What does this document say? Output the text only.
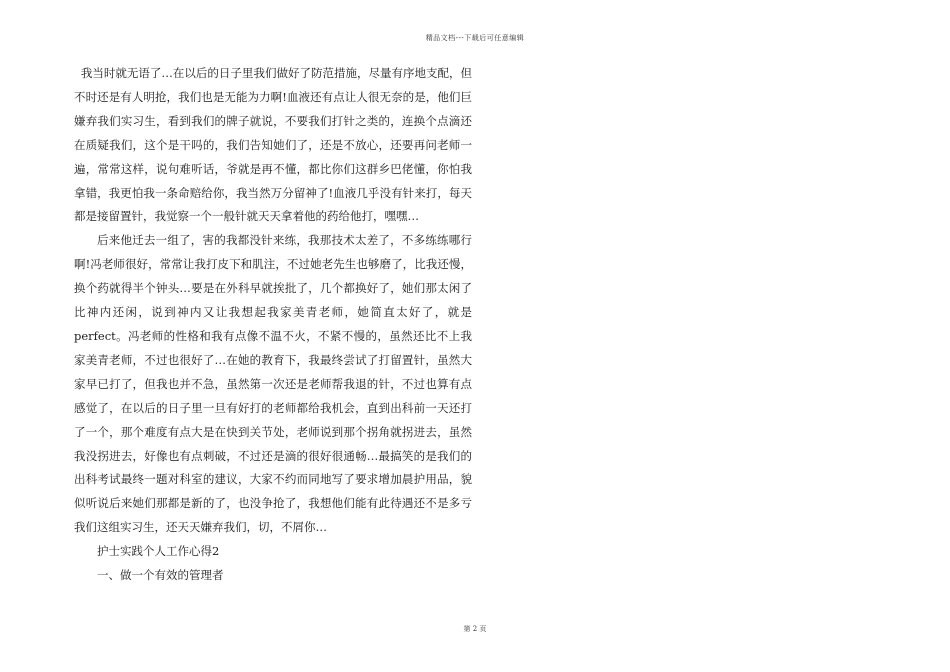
精品文档---下载后可任意编辑

我当时就无语了…在以后的日子里我们做好了防范措施，尽量有序地支配，但不时还是有人明抢，我们也是无能为力啊!血液还有点让人很无奈的是，他们巨嫌弃我们实习生，看到我们的牌子就说，不要我们打针之类的，连换个点滴还在质疑我们，这个是干吗的，我们告知她们了，还是不放心，还要再问老师一遍，常常这样，说句难听话，爷就是再不懂，都比你们这群乡巴佬懂，你怕我拿错，我更怕我一条命赔给你，我当然万分留神了!血液几乎没有针来打，每天都是接留置针，我觉察一个一般针就天天拿着他的药给他打，嘿嘿…

后来他迁去一组了，害的我都没针来练，我那技术太差了，不多练练哪行啊!冯老师很好，常常让我打皮下和肌注，不过她老先生也够磨了，比我还慢，换个药就得半个钟头…要是在外科早就挨批了，几个都换好了，她们那太闲了比神内还闲，说到神内又让我想起我家美青老师，她简直太好了，就是perfect。冯老师的性格和我有点像不温不火，不紧不慢的，虽然还比不上我家美青老师，不过也很好了…在她的教育下，我最终尝试了打留置针，虽然大家早已打了，但我也并不急，虽然第一次还是老师帮我退的针，不过也算有点感觉了，在以后的日子里一旦有好打的老师都给我机会，直到出科前一天还打了一个，那个难度有点大是在快到关节处，老师说到那个拐角就拐进去，虽然我没拐进去，好像也有点刺破，不过还是滴的很好很通畅…最搞笑的是我们的出科考试最终一题对科室的建议，大家不约而同地写了要求增加晨护用品，貌似听说后来她们那都是新的了，也没争抢了，我想他们能有此待遇还不是多亏我们这组实习生，还天天嫌弃我们，切，不屑你…

护士实践个人工作心得2

一、做一个有效的管理者

第 2 页
